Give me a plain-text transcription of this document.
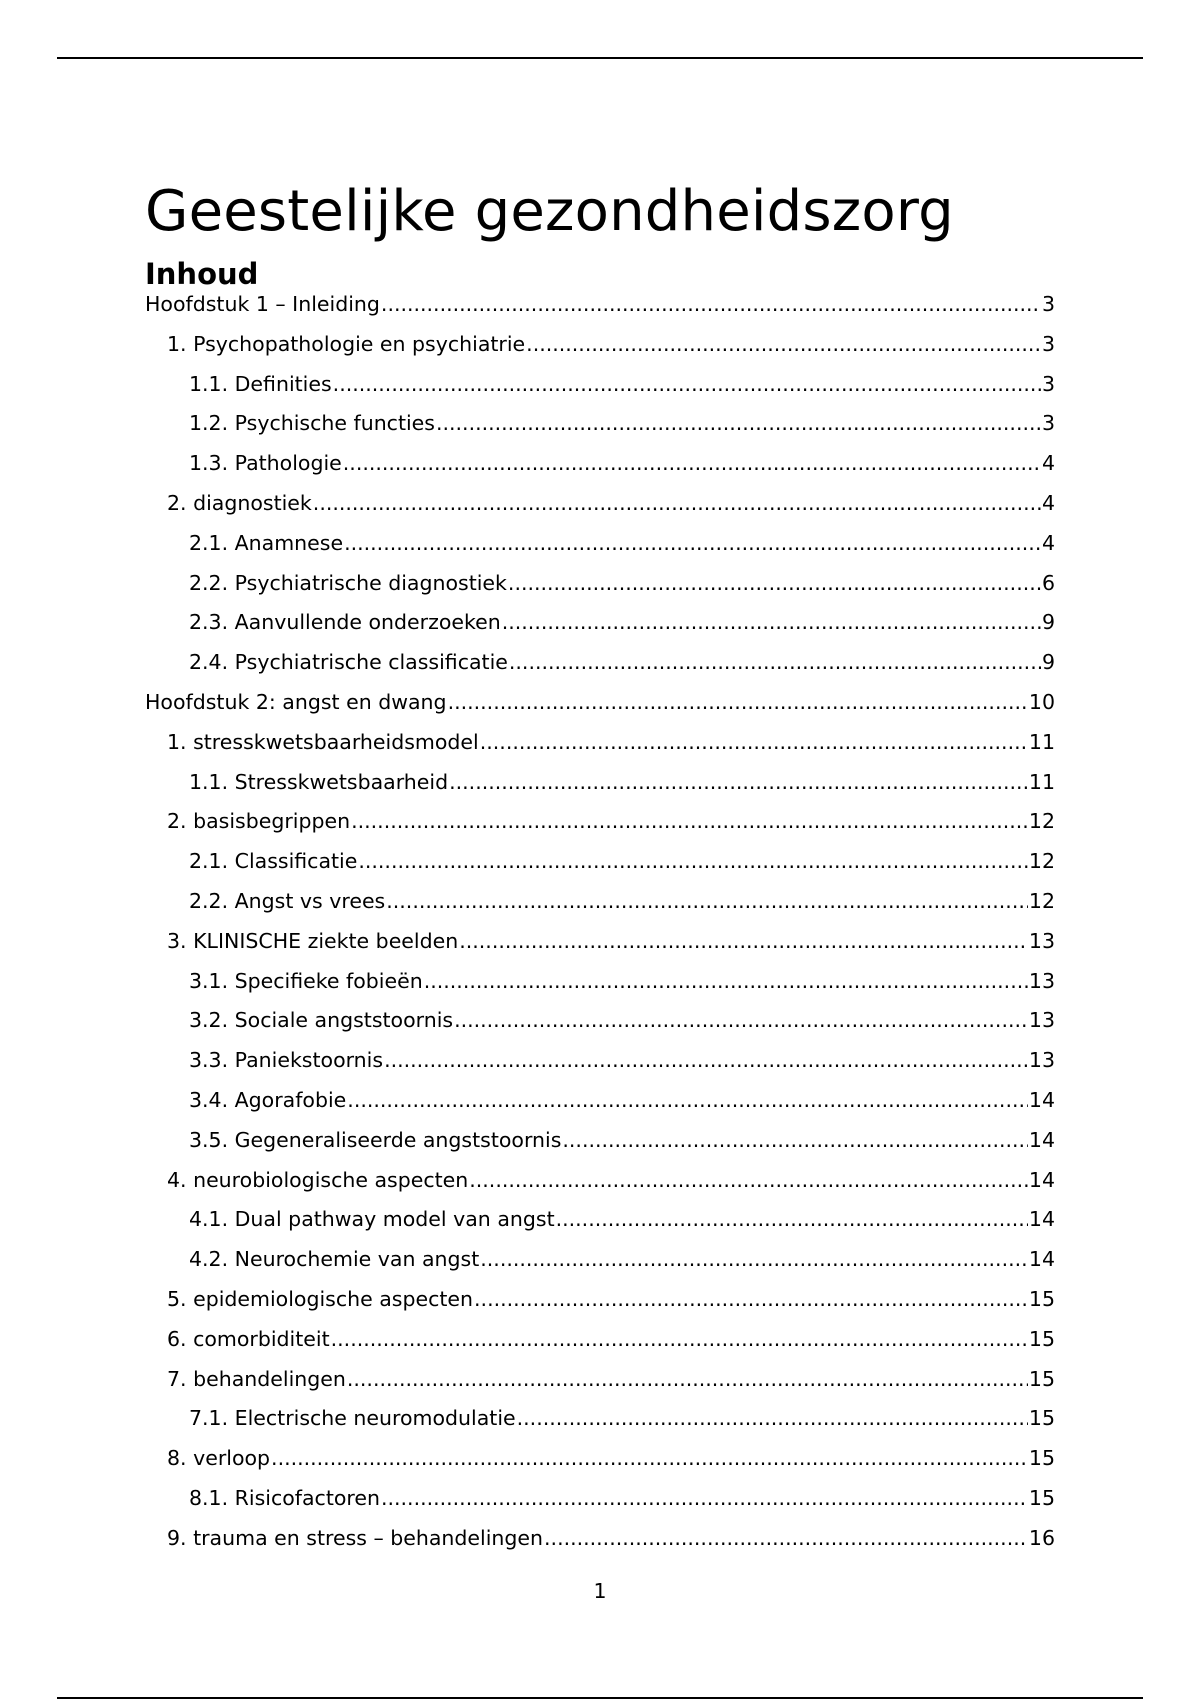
Geestelijke gezondheidszorg
Inhoud
Hoofdstuk 1 – Inleiding .....	3
1. Psychopathologie en psychiatrie .....	3
1.1. Definities .....	3
1.2. Psychische functies .....	3
1.3. Pathologie .....	4
2. diagnostiek .....	4
2.1. Anamnese .....	4
2.2. Psychiatrische diagnostiek .....	6
2.3. Aanvullende onderzoeken .....	9
2.4. Psychiatrische classificatie .....	9
Hoofdstuk 2: angst en dwang .....	10
1. stresskwetsbaarheidsmodel .....	11
1.1. Stresskwetsbaarheid .....	11
2. basisbegrippen .....	12
2.1. Classificatie .....	12
2.2. Angst vs vrees .....	12
3. KLINISCHE ziekte beelden .....	13
3.1. Specifieke fobieën .....	13
3.2. Sociale angststoornis .....	13
3.3. Paniekstoornis .....	13
3.4. Agorafobie .....	14
3.5. Gegeneraliseerde angststoornis .....	14
4. neurobiologische aspecten .....	14
4.1. Dual pathway model van angst .....	14
4.2. Neurochemie van angst .....	14
5. epidemiologische aspecten .....	15
6. comorbiditeit .....	15
7. behandelingen .....	15
7.1. Electrische neuromodulatie .....	15
8. verloop .....	15
8.1. Risicofactoren .....	15
9. trauma en stress – behandelingen .....	16
1
